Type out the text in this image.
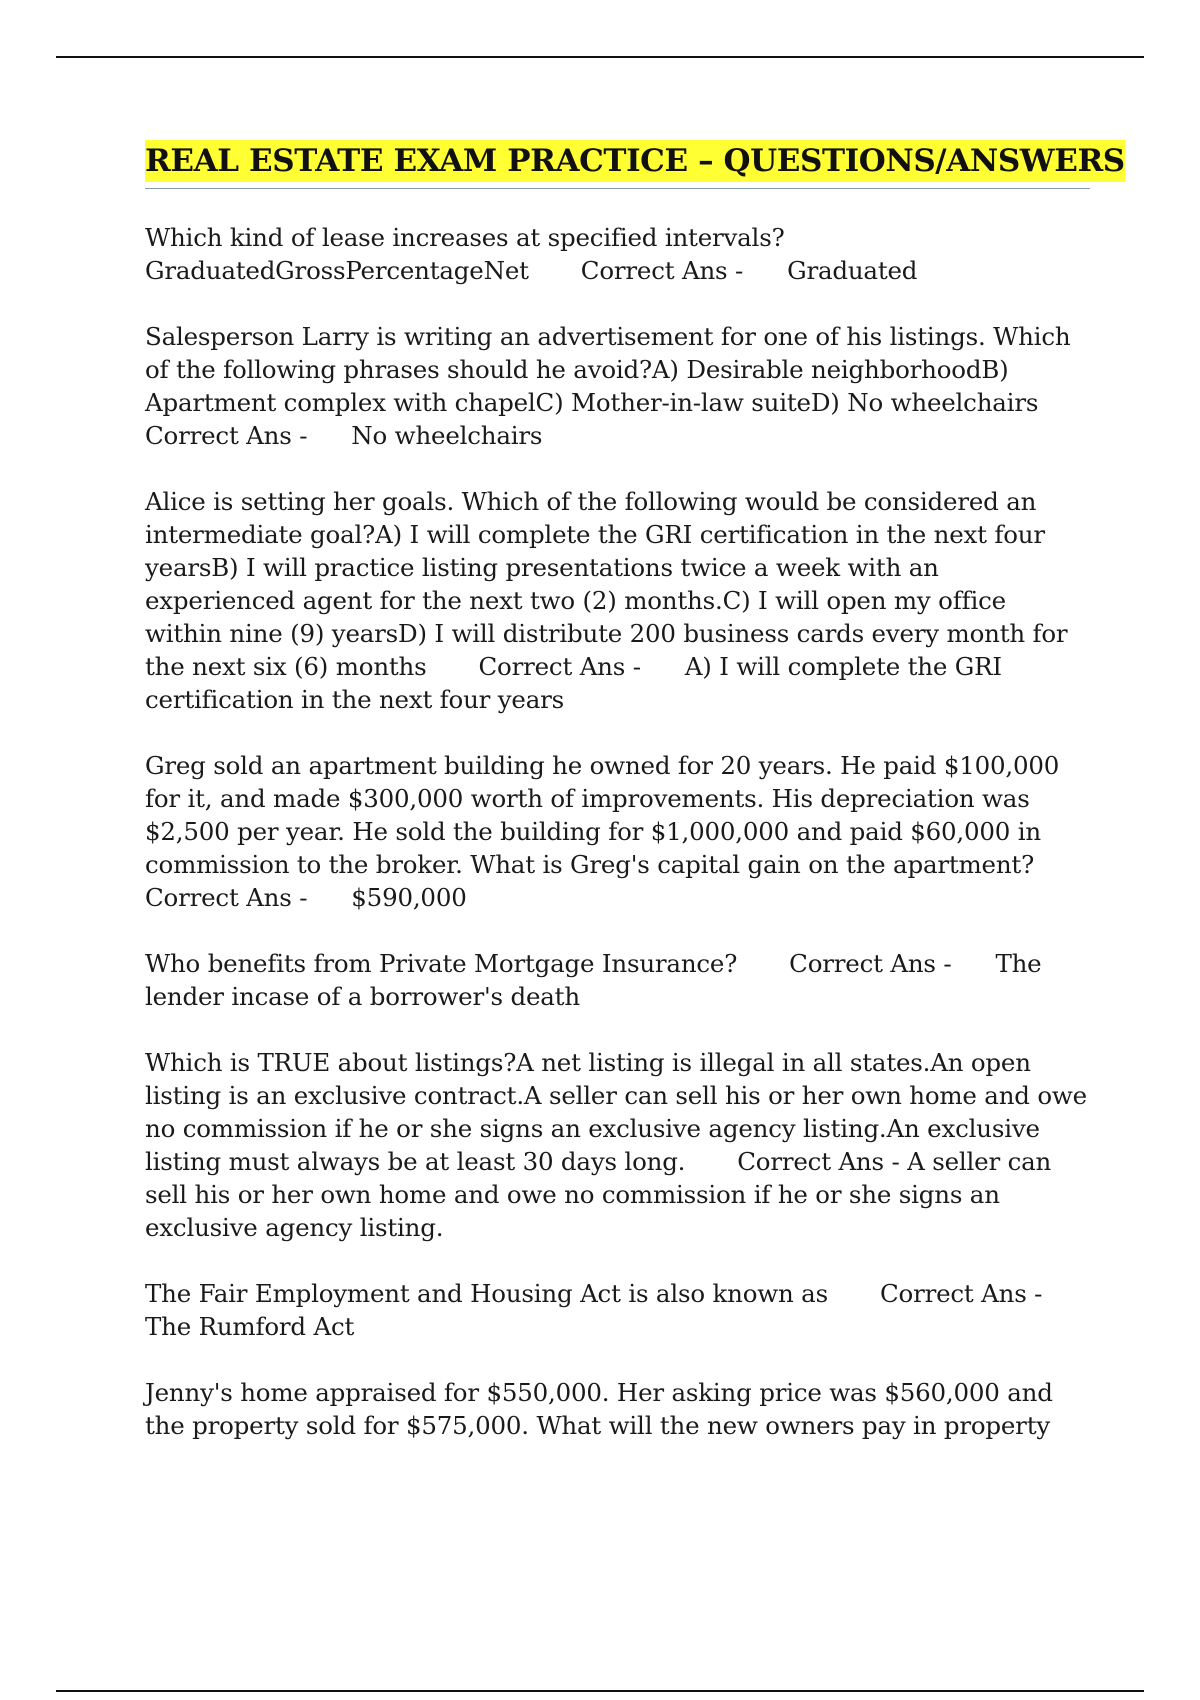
REAL ESTATE EXAM PRACTICE – QUESTIONS/ANSWERS

Which kind of lease increases at specified intervals? GraduatedGrossPercentageNet Correct Ans - Graduated

Salesperson Larry is writing an advertisement for one of his listings. Which of the following phrases should he avoid?A) Desirable neighborhoodB) Apartment complex with chapelC) Mother-in-law suiteD) No wheelchairs Correct Ans - No wheelchairs

Alice is setting her goals. Which of the following would be considered an intermediate goal?A) I will complete the GRI certification in the next four yearsB) I will practice listing presentations twice a week with an experienced agent for the next two (2) months.C) I will open my office within nine (9) yearsD) I will distribute 200 business cards every month for the next six (6) months Correct Ans - A) I will complete the GRI certification in the next four years

Greg sold an apartment building he owned for 20 years. He paid $100,000 for it, and made $300,000 worth of improvements. His depreciation was $2,500 per year. He sold the building for $1,000,000 and paid $60,000 in commission to the broker. What is Greg's capital gain on the apartment? Correct Ans - $590,000

Who benefits from Private Mortgage Insurance? Correct Ans - The lender incase of a borrower's death

Which is TRUE about listings?A net listing is illegal in all states.An open listing is an exclusive contract.A seller can sell his or her own home and owe no commission if he or she signs an exclusive agency listing.An exclusive listing must always be at least 30 days long. Correct Ans - A seller can sell his or her own home and owe no commission if he or she signs an exclusive agency listing.

The Fair Employment and Housing Act is also known as Correct Ans - The Rumford Act

Jenny's home appraised for $550,000. Her asking price was $560,000 and the property sold for $575,000. What will the new owners pay in property
